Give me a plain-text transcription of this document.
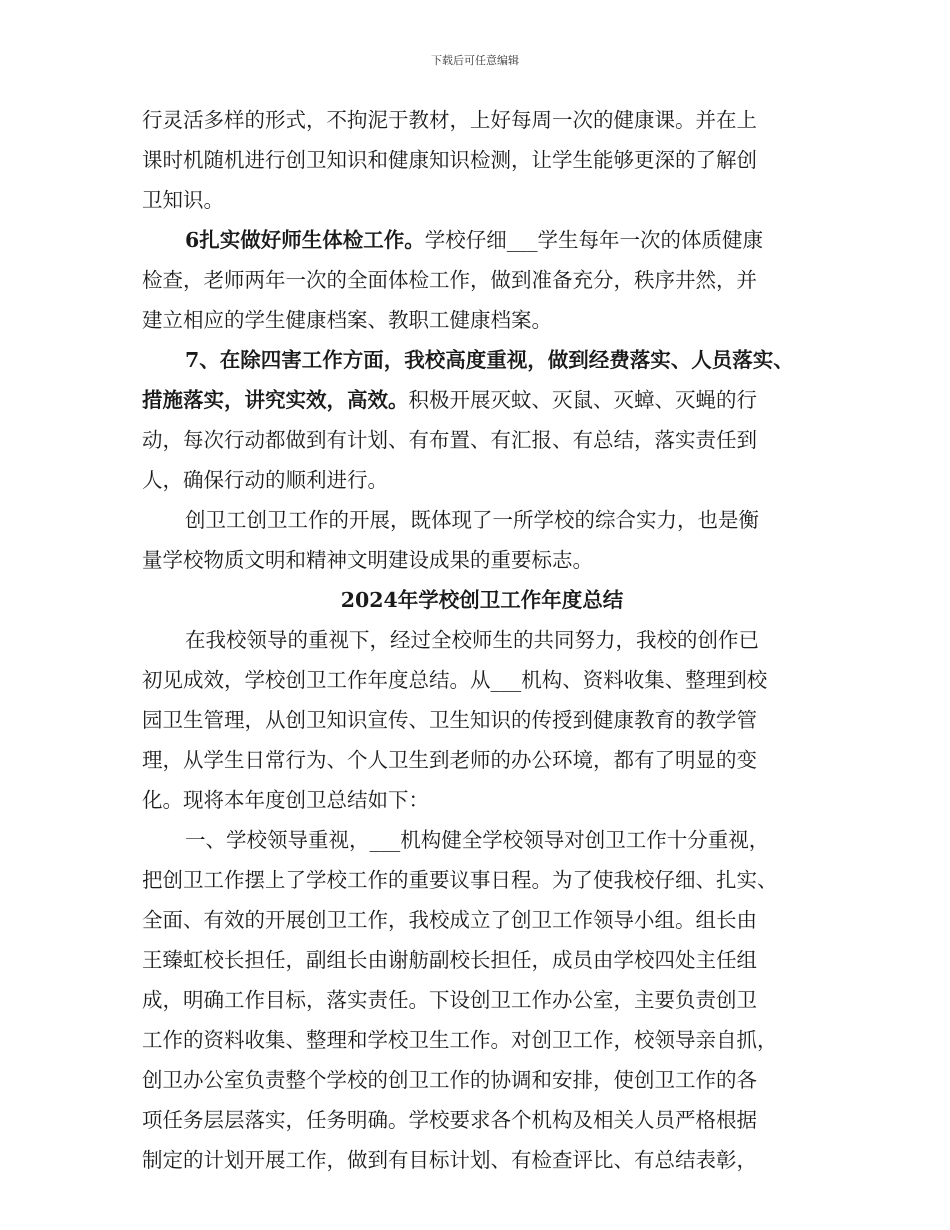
下载后可任意编辑
行灵活多样的形式，不拘泥于教材，上好每周一次的健康课。并在上
课时机随机进行创卫知识和健康知识检测，让学生能够更深的了解创
卫知识。
6扎实做好师生体检工作。学校仔细___学生每年一次的体质健康
检查，老师两年一次的全面体检工作，做到准备充分，秩序井然，并
建立相应的学生健康档案、教职工健康档案。
7、在除四害工作方面，我校高度重视，做到经费落实、人员落实、
措施落实，讲究实效，高效。积极开展灭蚊、灭鼠、灭蟑、灭蝇的行
动，每次行动都做到有计划、有布置、有汇报、有总结，落实责任到
人，确保行动的顺利进行。
创卫工创卫工作的开展，既体现了一所学校的综合实力，也是衡
量学校物质文明和精神文明建设成果的重要标志。
2024年学校创卫工作年度总结
在我校领导的重视下，经过全校师生的共同努力，我校的创作已
初见成效，学校创卫工作年度总结。从___机构、资料收集、整理到校
园卫生管理，从创卫知识宣传、卫生知识的传授到健康教育的教学管
理，从学生日常行为、个人卫生到老师的办公环境，都有了明显的变
化。现将本年度创卫总结如下：
一、学校领导重视，___机构健全学校领导对创卫工作十分重视，
把创卫工作摆上了学校工作的重要议事日程。为了使我校仔细、扎实、
全面、有效的开展创卫工作，我校成立了创卫工作领导小组。组长由
王臻虹校长担任，副组长由谢舫副校长担任，成员由学校四处主任组
成，明确工作目标，落实责任。下设创卫工作办公室，主要负责创卫
工作的资料收集、整理和学校卫生工作。对创卫工作，校领导亲自抓，
创卫办公室负责整个学校的创卫工作的协调和安排，使创卫工作的各
项任务层层落实，任务明确。学校要求各个机构及相关人员严格根据
制定的计划开展工作，做到有目标计划、有检查评比、有总结表彰，
